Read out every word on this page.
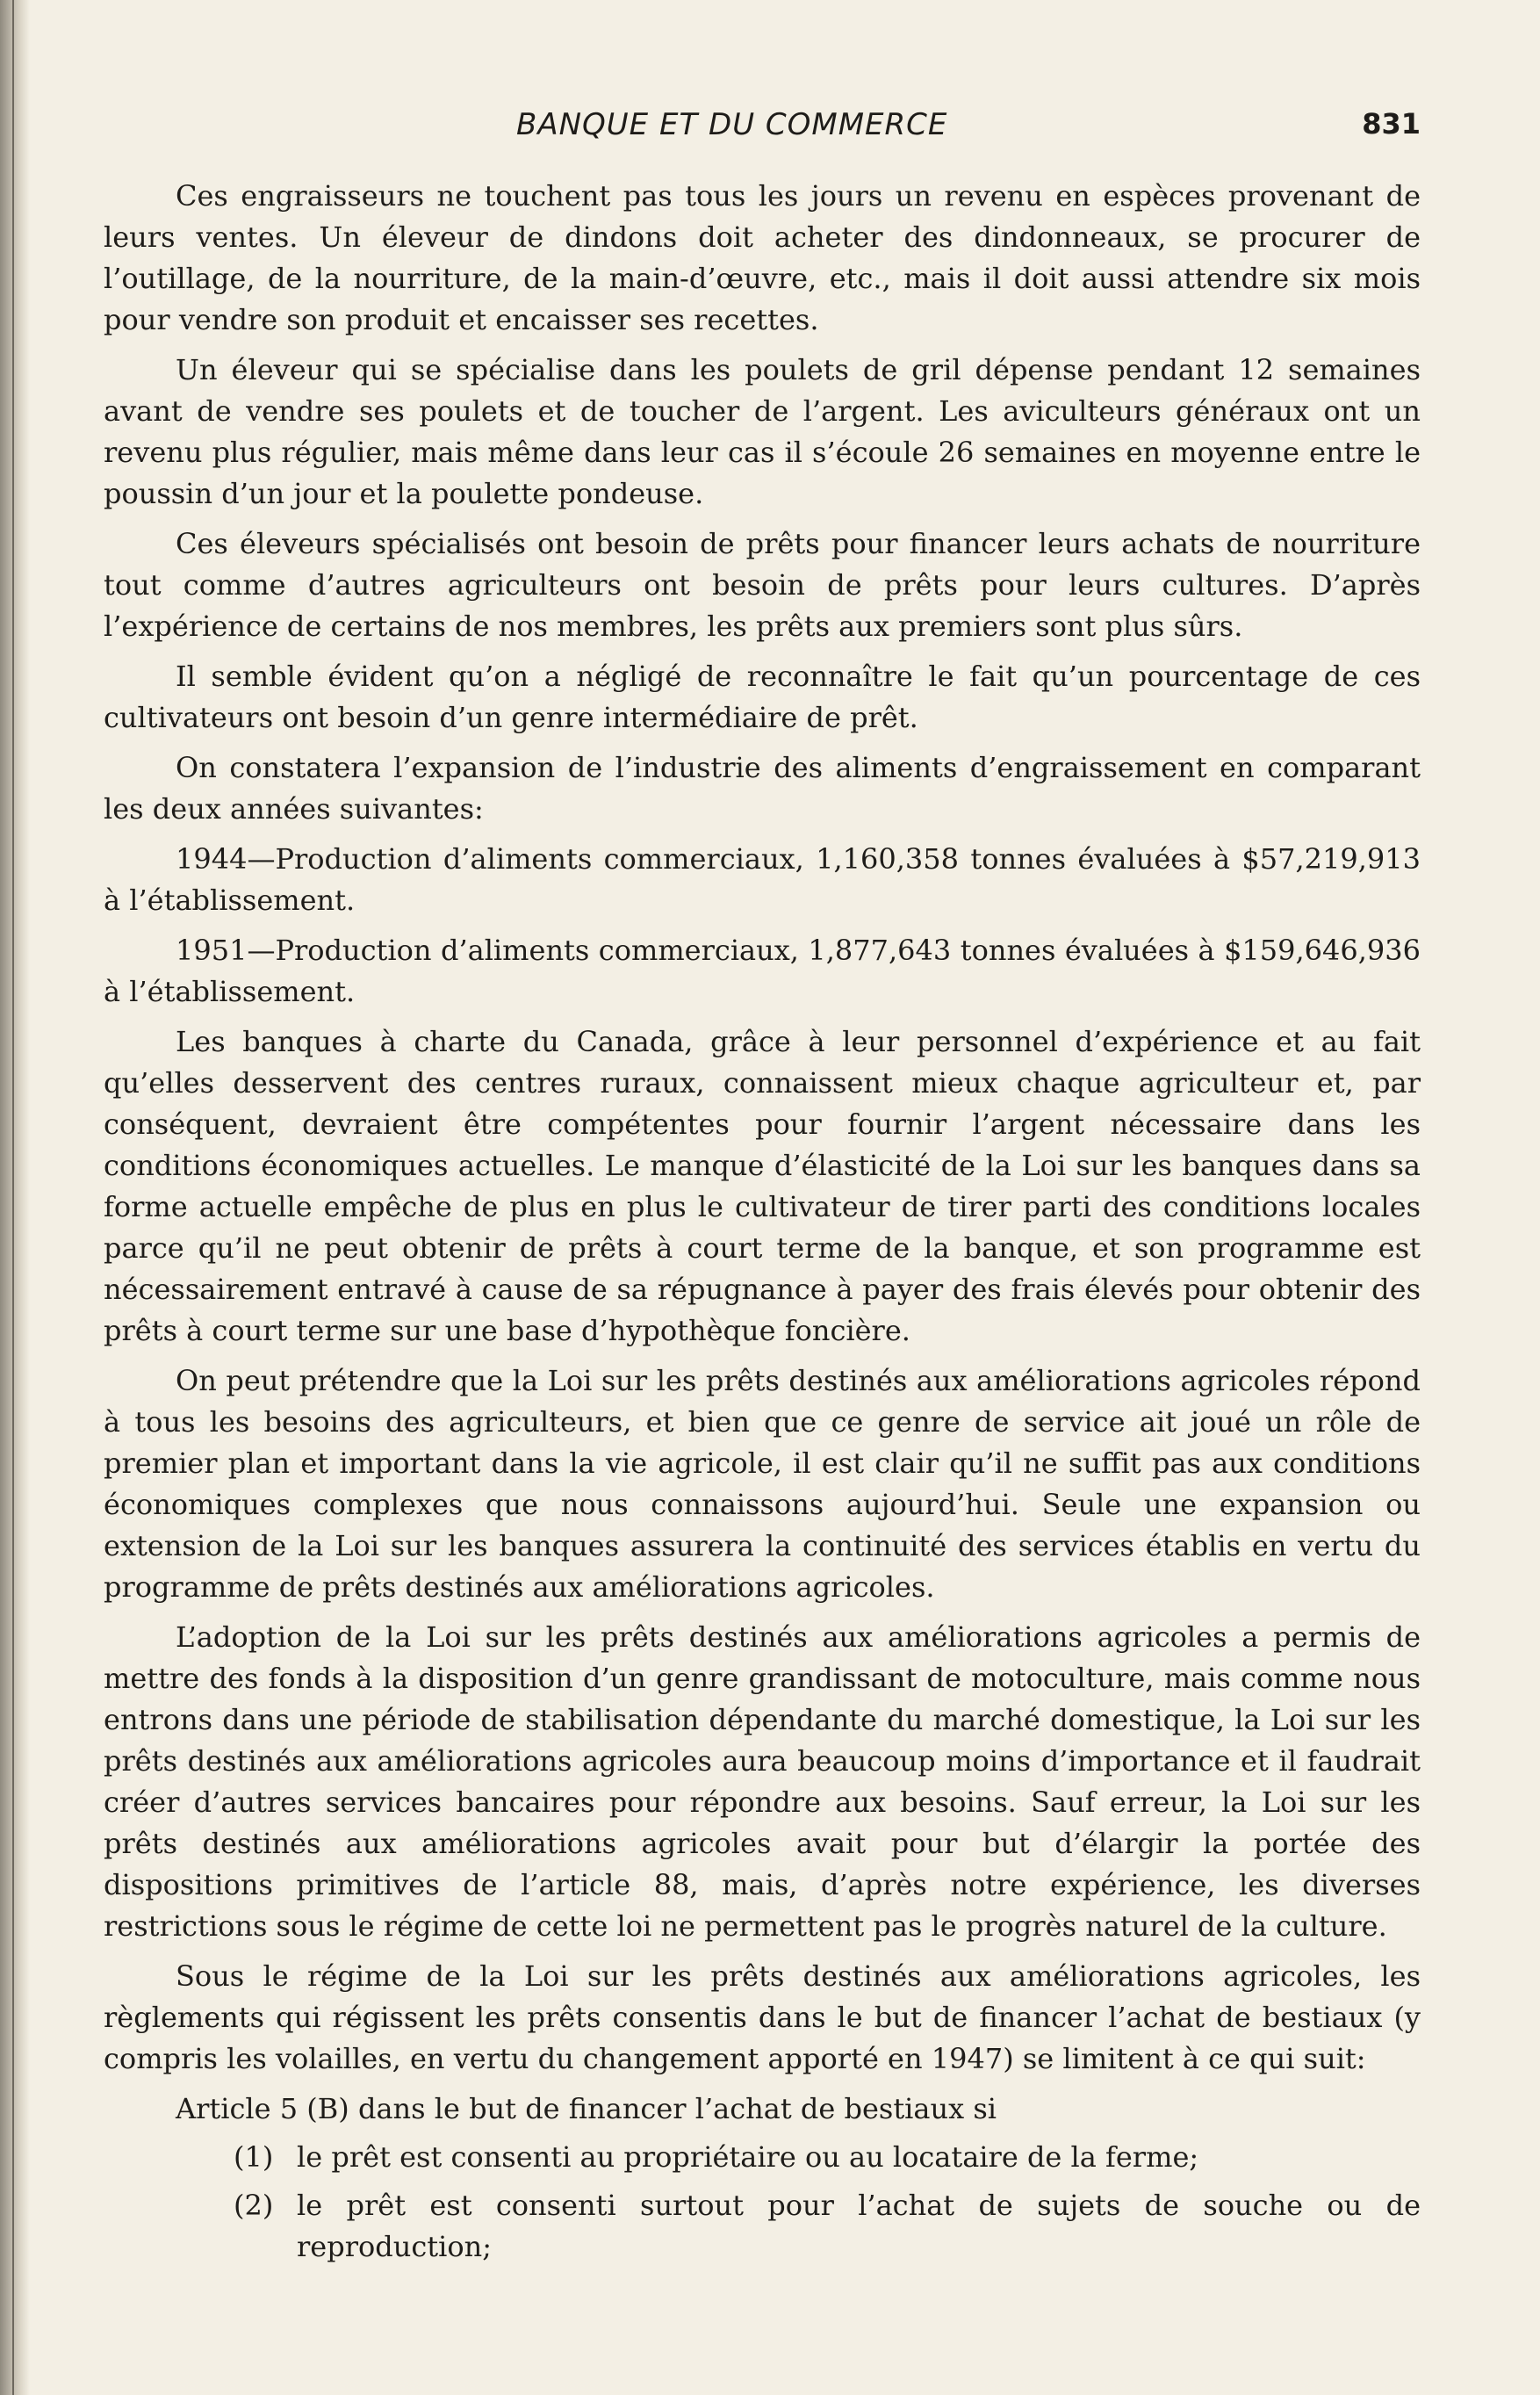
BANQUE ET DU COMMERCE	831

Ces engraisseurs ne touchent pas tous les jours un revenu en espèces provenant de leurs ventes. Un éleveur de dindons doit acheter des dindonneaux, se procurer de l’outillage, de la nourriture, de la main-d’œuvre, etc., mais il doit aussi attendre six mois pour vendre son produit et encaisser ses recettes.

Un éleveur qui se spécialise dans les poulets de gril dépense pendant 12 semaines avant de vendre ses poulets et de toucher de l’argent. Les aviculteurs généraux ont un revenu plus régulier, mais même dans leur cas il s’écoule 26 semaines en moyenne entre le poussin d’un jour et la poulette pondeuse.

Ces éleveurs spécialisés ont besoin de prêts pour financer leurs achats de nourriture tout comme d’autres agriculteurs ont besoin de prêts pour leurs cultures. D’après l’expérience de certains de nos membres, les prêts aux premiers sont plus sûrs.

Il semble évident qu’on a négligé de reconnaître le fait qu’un pourcentage de ces cultivateurs ont besoin d’un genre intermédiaire de prêt.

On constatera l’expansion de l’industrie des aliments d’engraissement en comparant les deux années suivantes:

1944—Production d’aliments commerciaux, 1,160,358 tonnes évaluées à $57,219,913 à l’établissement.

1951—Production d’aliments commerciaux, 1,877,643 tonnes évaluées à $159,646,936 à l’établissement.

Les banques à charte du Canada, grâce à leur personnel d’expérience et au fait qu’elles desservent des centres ruraux, connaissent mieux chaque agriculteur et, par conséquent, devraient être compétentes pour fournir l’argent nécessaire dans les conditions économiques actuelles. Le manque d’élasticité de la Loi sur les banques dans sa forme actuelle empêche de plus en plus le cultivateur de tirer parti des conditions locales parce qu’il ne peut obtenir de prêts à court terme de la banque, et son programme est nécessairement entravé à cause de sa répugnance à payer des frais élevés pour obtenir des prêts à court terme sur une base d’hypothèque foncière.

On peut prétendre que la Loi sur les prêts destinés aux améliorations agricoles répond à tous les besoins des agriculteurs, et bien que ce genre de service ait joué un rôle de premier plan et important dans la vie agricole, il est clair qu’il ne suffit pas aux conditions économiques complexes que nous connaissons aujourd’hui. Seule une expansion ou extension de la Loi sur les banques assurera la continuité des services établis en vertu du programme de prêts destinés aux améliorations agricoles.

L’adoption de la Loi sur les prêts destinés aux améliorations agricoles a permis de mettre des fonds à la disposition d’un genre grandissant de motoculture, mais comme nous entrons dans une période de stabilisation dépendante du marché domestique, la Loi sur les prêts destinés aux améliorations agricoles aura beaucoup moins d’importance et il faudrait créer d’autres services bancaires pour répondre aux besoins. Sauf erreur, la Loi sur les prêts destinés aux améliorations agricoles avait pour but d’élargir la portée des dispositions primitives de l’article 88, mais, d’après notre expérience, les diverses restrictions sous le régime de cette loi ne permettent pas le progrès naturel de la culture.

Sous le régime de la Loi sur les prêts destinés aux améliorations agricoles, les règlements qui régissent les prêts consentis dans le but de financer l’achat de bestiaux (y compris les volailles, en vertu du changement apporté en 1947) se limitent à ce qui suit:

Article 5 (B) dans le but de financer l’achat de bestiaux si

(1) le prêt est consenti au propriétaire ou au locataire de la ferme;

(2) le prêt est consenti surtout pour l’achat de sujets de souche ou de reproduction;
